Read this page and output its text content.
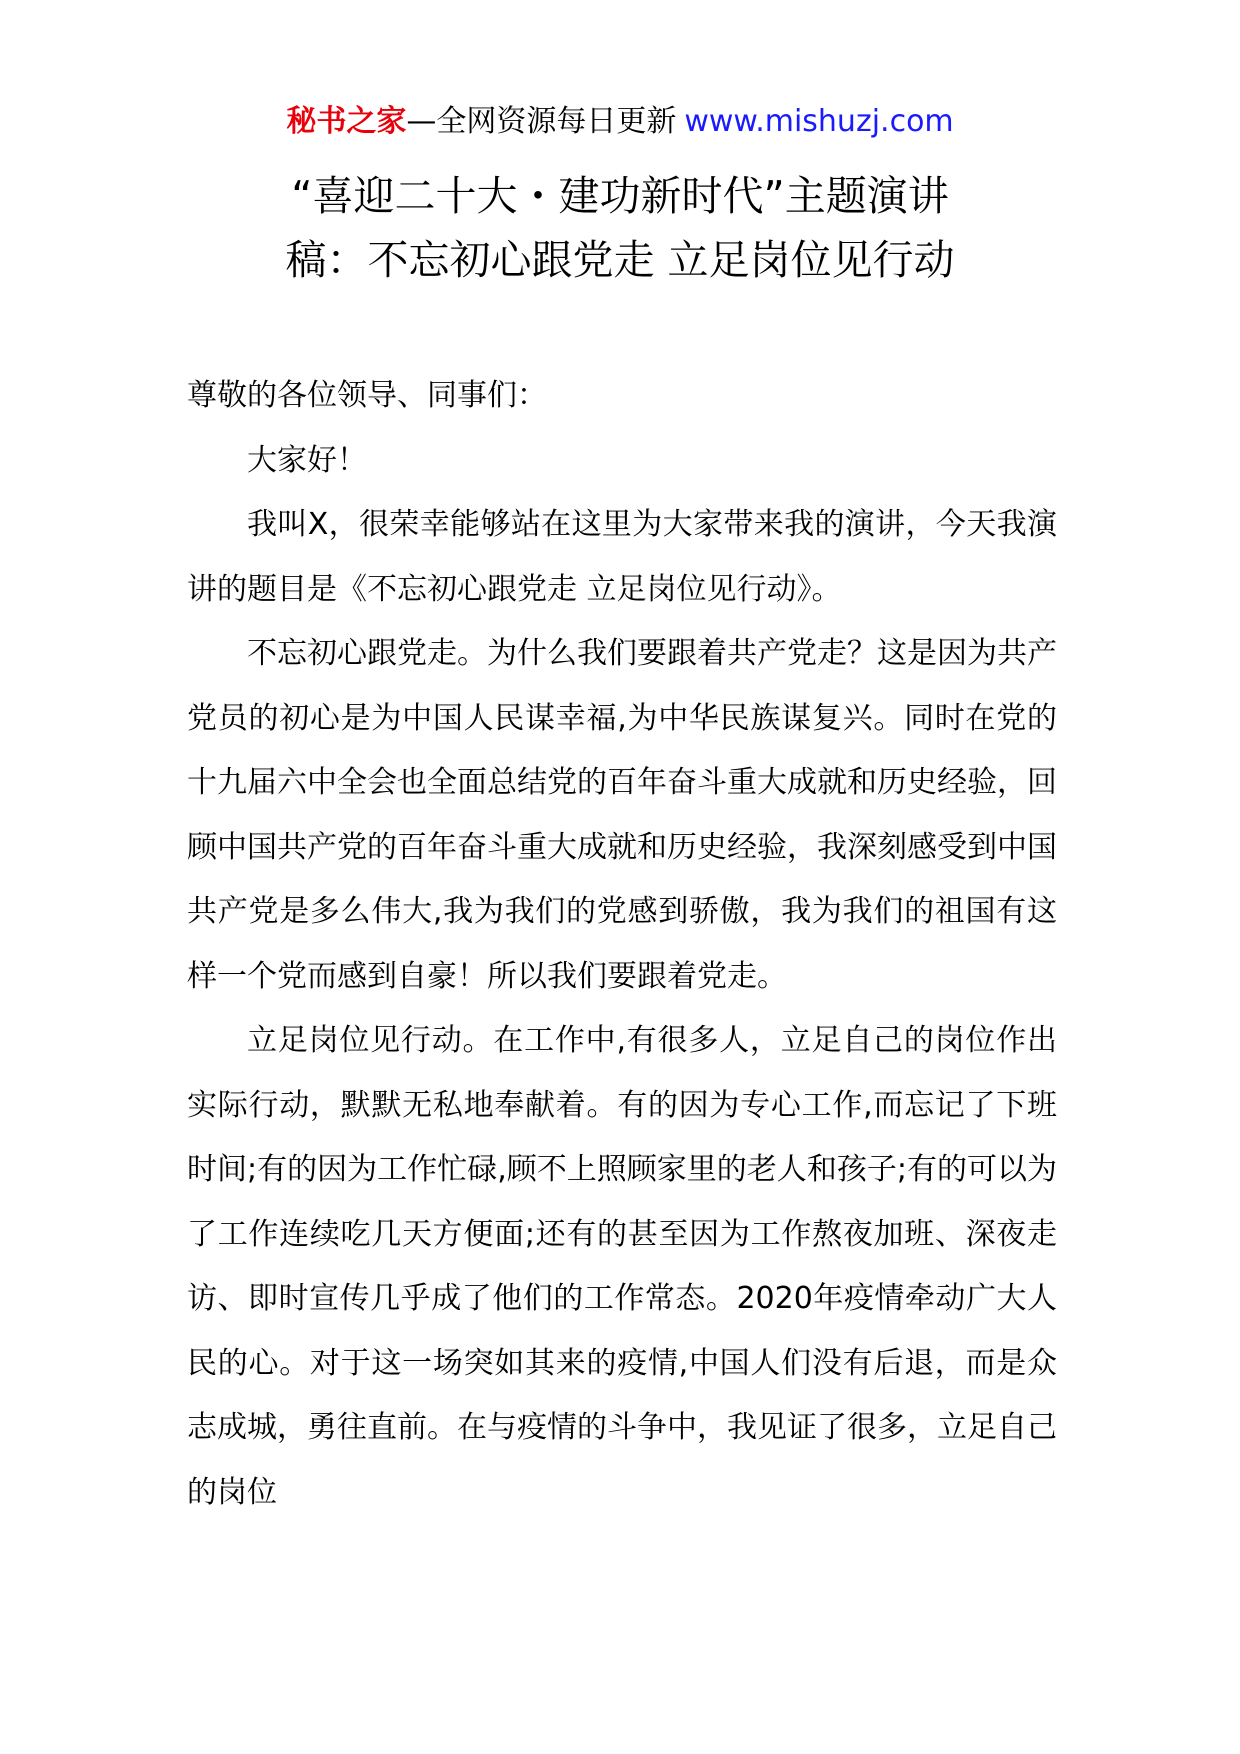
秘书之家—全网资源每日更新 www.mishuzj.com
“喜迎二十大・建功新时代”主题演讲
稿：不忘初心跟党走 立足岗位见行动

尊敬的各位领导、同事们：

大家好！

我叫X，很荣幸能够站在这里为大家带来我的演讲，今天我演讲的题目是《不忘初心跟党走 立足岗位见行动》。

不忘初心跟党走。为什么我们要跟着共产党走？这是因为共产党员的初心是为中国人民谋幸福,为中华民族谋复兴。同时在党的十九届六中全会也全面总结党的百年奋斗重大成就和历史经验，回顾中国共产党的百年奋斗重大成就和历史经验，我深刻感受到中国共产党是多么伟大,我为我们的党感到骄傲，我为我们的祖国有这样一个党而感到自豪！所以我们要跟着党走。

立足岗位见行动。在工作中,有很多人，立足自己的岗位作出实际行动，默默无私地奉献着。有的因为专心工作,而忘记了下班时间;有的因为工作忙碌,顾不上照顾家里的老人和孩子;有的可以为了工作连续吃几天方便面;还有的甚至因为工作熬夜加班、深夜走访、即时宣传几乎成了他们的工作常态。2020年疫情牵动广大人民的心。对于这一场突如其来的疫情,中国人们没有后退，而是众志成城，勇往直前。在与疫情的斗争中，我见证了很多，立足自己的岗位
